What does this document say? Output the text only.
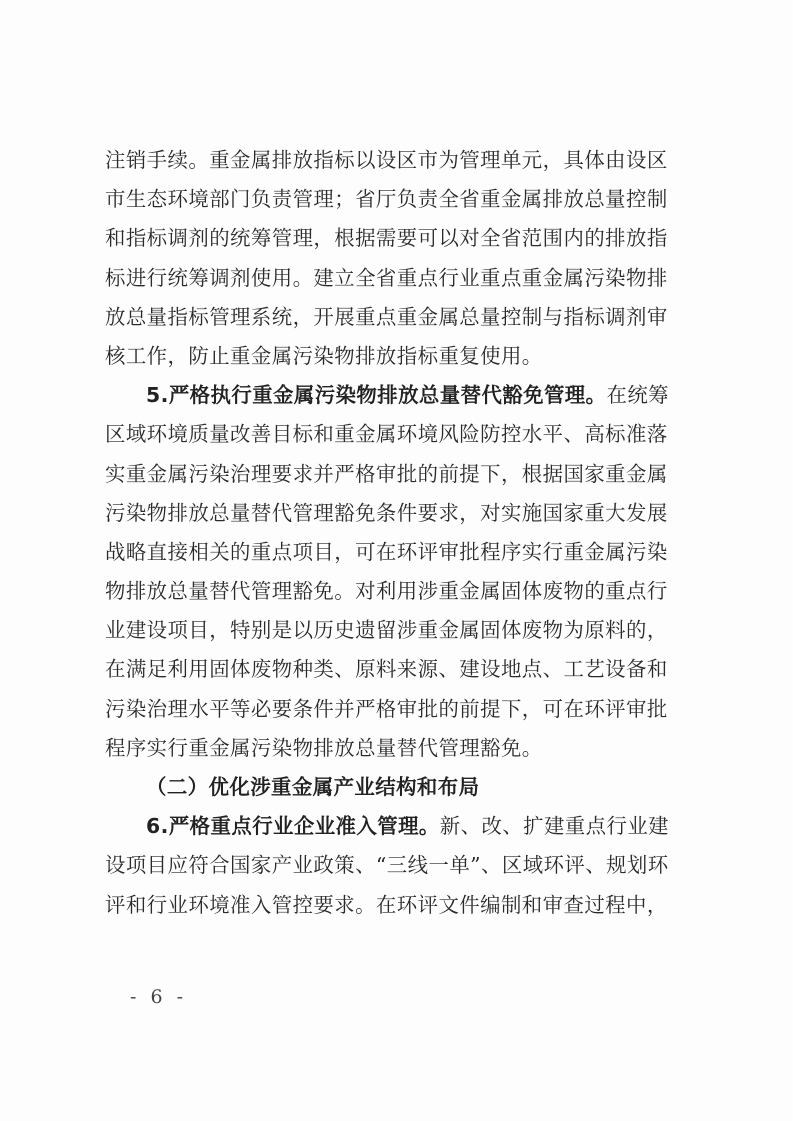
注销手续。重金属排放指标以设区市为管理单元，具体由设区
市生态环境部门负责管理；省厅负责全省重金属排放总量控制
和指标调剂的统筹管理，根据需要可以对全省范围内的排放指
标进行统筹调剂使用。建立全省重点行业重点重金属污染物排
放总量指标管理系统，开展重点重金属总量控制与指标调剂审
核工作，防止重金属污染物排放指标重复使用。
5.严格执行重金属污染物排放总量替代豁免管理。在统筹
区域环境质量改善目标和重金属环境风险防控水平、高标准落
实重金属污染治理要求并严格审批的前提下，根据国家重金属
污染物排放总量替代管理豁免条件要求，对实施国家重大发展
战略直接相关的重点项目，可在环评审批程序实行重金属污染
物排放总量替代管理豁免。对利用涉重金属固体废物的重点行
业建设项目，特别是以历史遗留涉重金属固体废物为原料的，
在满足利用固体废物种类、原料来源、建设地点、工艺设备和
污染治理水平等必要条件并严格审批的前提下，可在环评审批
程序实行重金属污染物排放总量替代管理豁免。
（二）优化涉重金属产业结构和布局
6.严格重点行业企业准入管理。新、改、扩建重点行业建
设项目应符合国家产业政策、“三线一单”、区域环评、规划环
评和行业环境准入管控要求。在环评文件编制和审查过程中，
- 6 -
